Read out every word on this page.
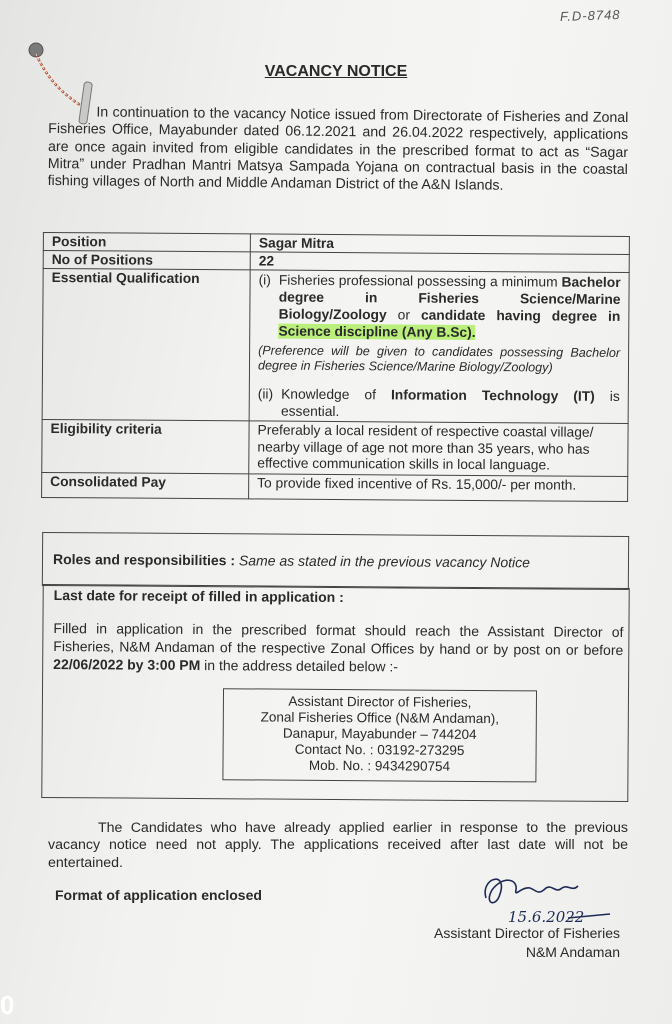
F.D-8748
VACANCY NOTICE
In continuation to the vacancy Notice issued from Directorate of Fisheries and Zonal Fisheries Office, Mayabunder dated 06.12.2021 and 26.04.2022 respectively, applications are once again invited from eligible candidates in the prescribed format to act as “Sagar Mitra” under Pradhan Mantri Matsya Sampada Yojana on contractual basis in the coastal fishing villages of North and Middle Andaman District of the A&N Islands.
Position	Sagar Mitra
No of Positions	22
Essential Qualification	(i) Fisheries professional possessing a minimum Bachelor degree in Fisheries Science/Marine Biology/Zoology or candidate having degree in Science discipline (Any B.Sc).
(Preference will be given to candidates possessing Bachelor degree in Fisheries Science/Marine Biology/Zoology)
(ii) Knowledge of Information Technology (IT) is essential.

Eligibility criteria	Preferably a local resident of respective coastal village/ nearby village of age not more than 35 years, who has effective communication skills in local language.
Consolidated Pay	To provide fixed incentive of Rs. 15,000/- per month.
Roles and responsibilities : Same as stated in the previous vacancy Notice
Last date for receipt of filled in application :
Filled in application in the prescribed format should reach the Assistant Director of Fisheries, N&M Andaman of the respective Zonal Offices by hand or by post on or before 22/06/2022 by 3:00 PM in the address detailed below :-
Assistant Director of Fisheries,
Zonal Fisheries Office (N&M Andaman),
Danapur, Mayabunder – 744204
Contact No. : 03192-273295
Mob. No. : 9434290754
The Candidates who have already applied earlier in response to the previous vacancy notice need not apply. The applications received after last date will not be entertained.
Format of application enclosed
15.6.2022
Assistant Director of Fisheries
N&M Andaman
0
